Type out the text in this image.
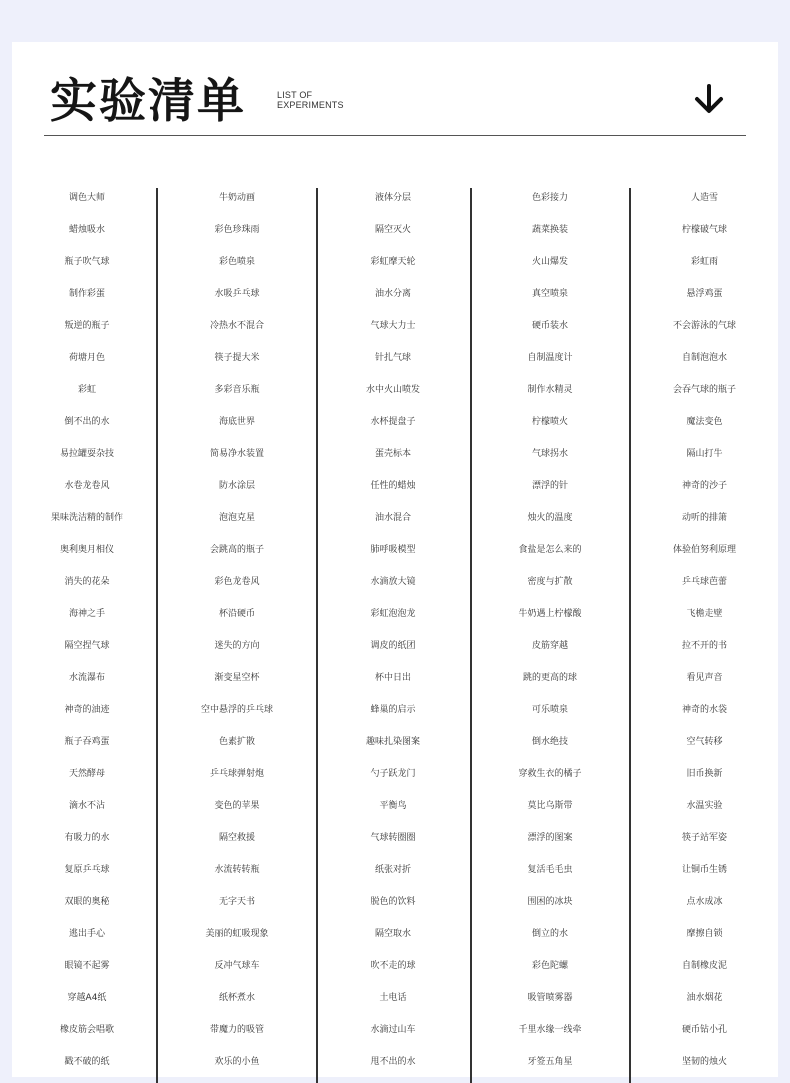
实验清单	LIST OF
EXPERIMENTS
调色大师
蜡烛吸水
瓶子吹气球
制作彩蛋
叛逆的瓶子
荷塘月色
彩虹
倒不出的水
易拉罐耍杂技
水卷龙卷风
果味洗洁精的制作
奥利奥月相仪
消失的花朵
海神之手
隔空捏气球
水流瀑布
神奇的油迹
瓶子吞鸡蛋
天然酵母
滴水不沾
有吸力的水
复原乒乓球
双眼的奥秘
逃出手心
眼镜不起雾
穿越A4纸
橡皮筋会唱歌
戳不破的纸
牛奶动画
彩色珍珠雨
彩色喷泉
水吸乒乓球
冷热水不混合
筷子提大米
多彩音乐瓶
海底世界
简易净水装置
防水涂层
泡泡克星
会跳高的瓶子
彩色龙卷风
杯沿硬币
迷失的方向
渐变星空杯
空中悬浮的乒乓球
色素扩散
乒乓球弹射炮
变色的苹果
隔空救援
水流转转瓶
无字天书
美丽的虹吸现象
反冲气球车
纸杯煮水
带魔力的吸管
欢乐的小鱼
液体分层
隔空灭火
彩虹摩天轮
油水分离
气球大力士
针扎气球
水中火山喷发
水杯提盘子
蛋壳标本
任性的蜡烛
油水混合
肺呼吸模型
水滴放大镜
彩虹泡泡龙
调皮的纸团
杯中日出
蜂巢的启示
趣味扎染图案
勺子跃龙门
平衡鸟
气球转圈圈
纸张对折
脱色的饮料
隔空取水
吹不走的球
土电话
水滴过山车
甩不出的水
色彩接力
蔬菜换装
火山爆发
真空喷泉
硬币装水
自制温度计
制作水精灵
柠檬喷火
气球拐水
漂浮的针
烛火的温度
食盐是怎么来的
密度与扩散
牛奶遇上柠檬酸
皮筋穿越
跳的更高的球
可乐喷泉
倒水绝技
穿救生衣的橘子
莫比乌斯带
漂浮的图案
复活毛毛虫
围困的冰块
倒立的水
彩色陀螺
吸管喷雾器
千里水缘一线牵
牙签五角星
人造雪
柠檬破气球
彩虹雨
悬浮鸡蛋
不会游泳的气球
自制泡泡水
会吞气球的瓶子
魔法变色
隔山打牛
神奇的沙子
动听的排箫
体验伯努利原理
乒乓球芭蕾
飞檐走壁
拉不开的书
看见声音
神奇的水袋
空气转移
旧币换新
水温实验
筷子站军姿
让铜币生锈
点水成冰
摩擦自锁
自制橡皮泥
油水烟花
硬币钻小孔
坚韧的烛火
